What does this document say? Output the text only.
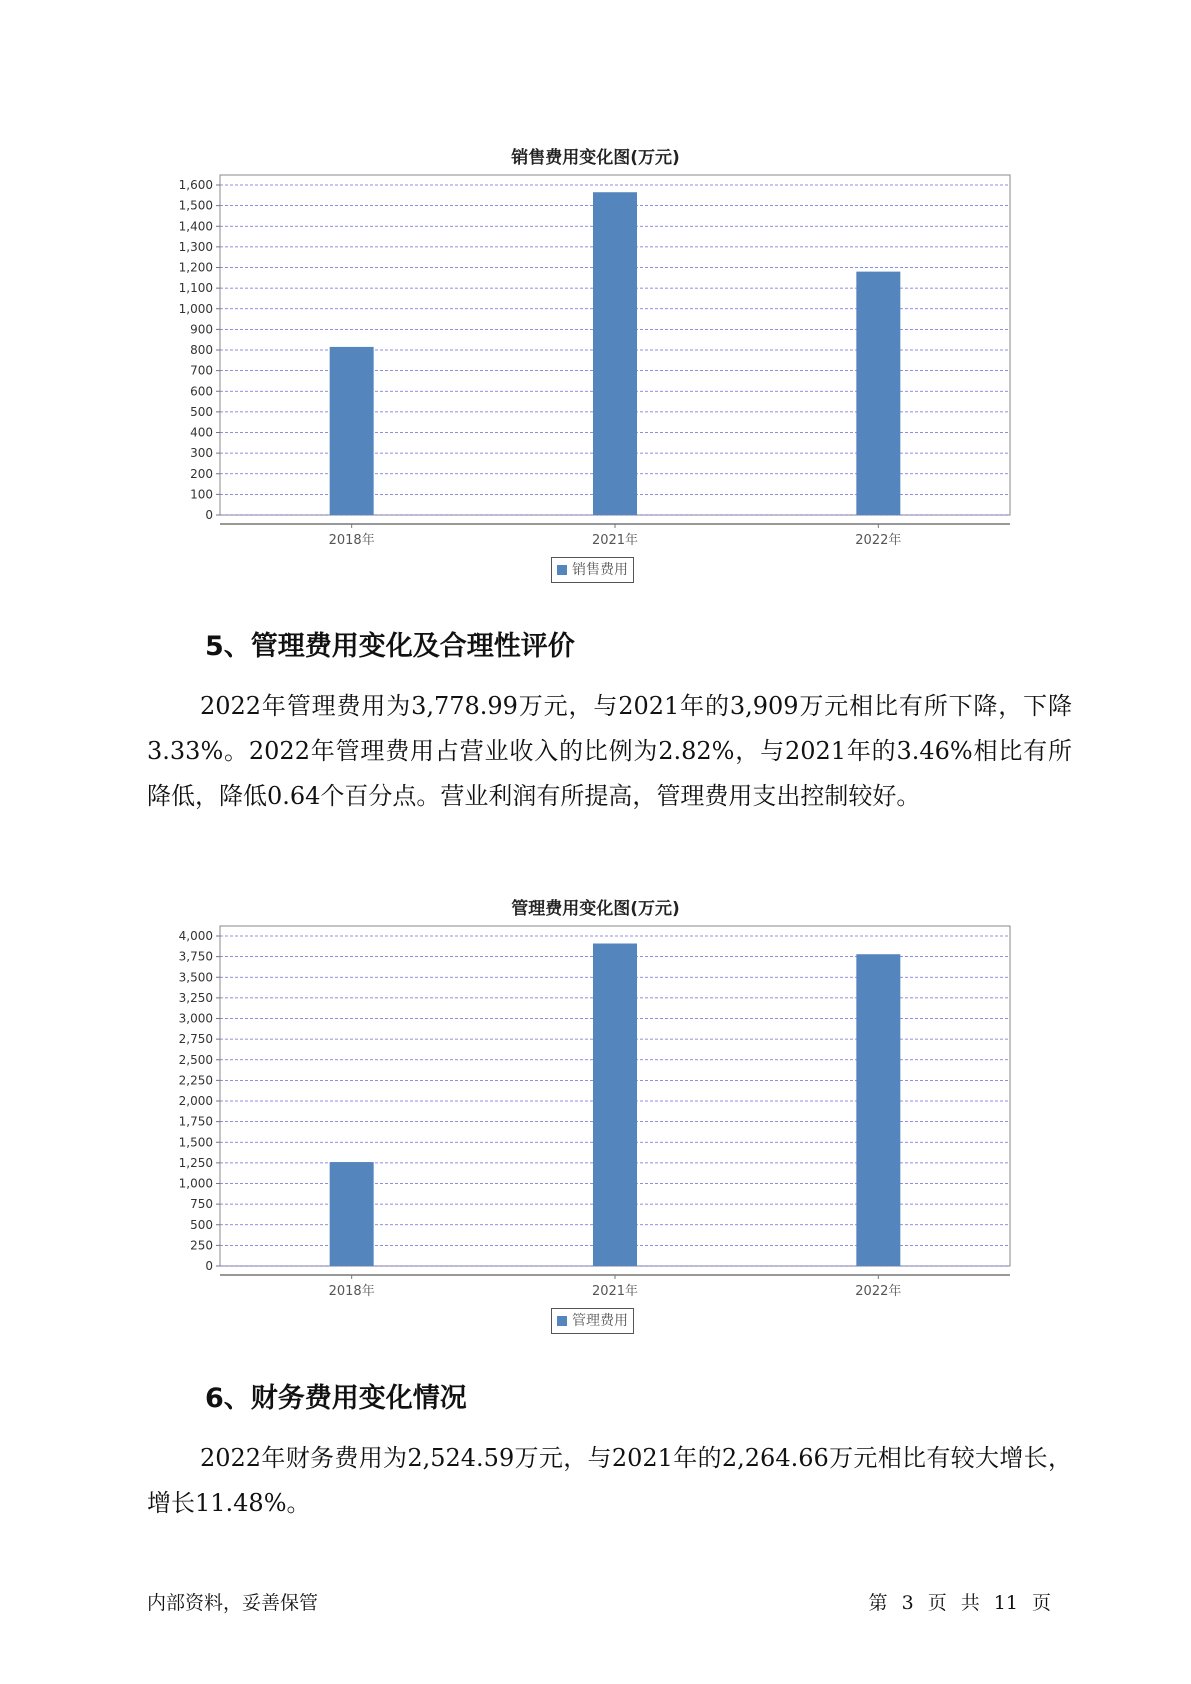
销售费用变化图(万元)
0
100
200
300
400
500
600
700
800
900
1,000
1,100
1,200
1,300
1,400
1,500
1,600
2018年	2021年	2022年
销售费用
5、管理费用变化及合理性评价

2022年管理费用为3,778.99万元，与2021年的3,909万元相比有所下降，下降3.33%。2022年管理费用占营业收入的比例为2.82%，与2021年的3.46%相比有所降低，降低0.64个百分点。营业利润有所提高，管理费用支出控制较好。

管理费用变化图(万元)
0
250
500
750
1,000
1,250
1,500
1,750
2,000
2,250
2,500
2,750
3,000
3,250
3,500
3,750
4,000
2018年	2021年	2022年
管理费用
6、财务费用变化情况

2022年财务费用为2,524.59万元，与2021年的2,264.66万元相比有较大增长，增长11.48%。

内部资料，妥善保管	第 3 页 共 11 页
